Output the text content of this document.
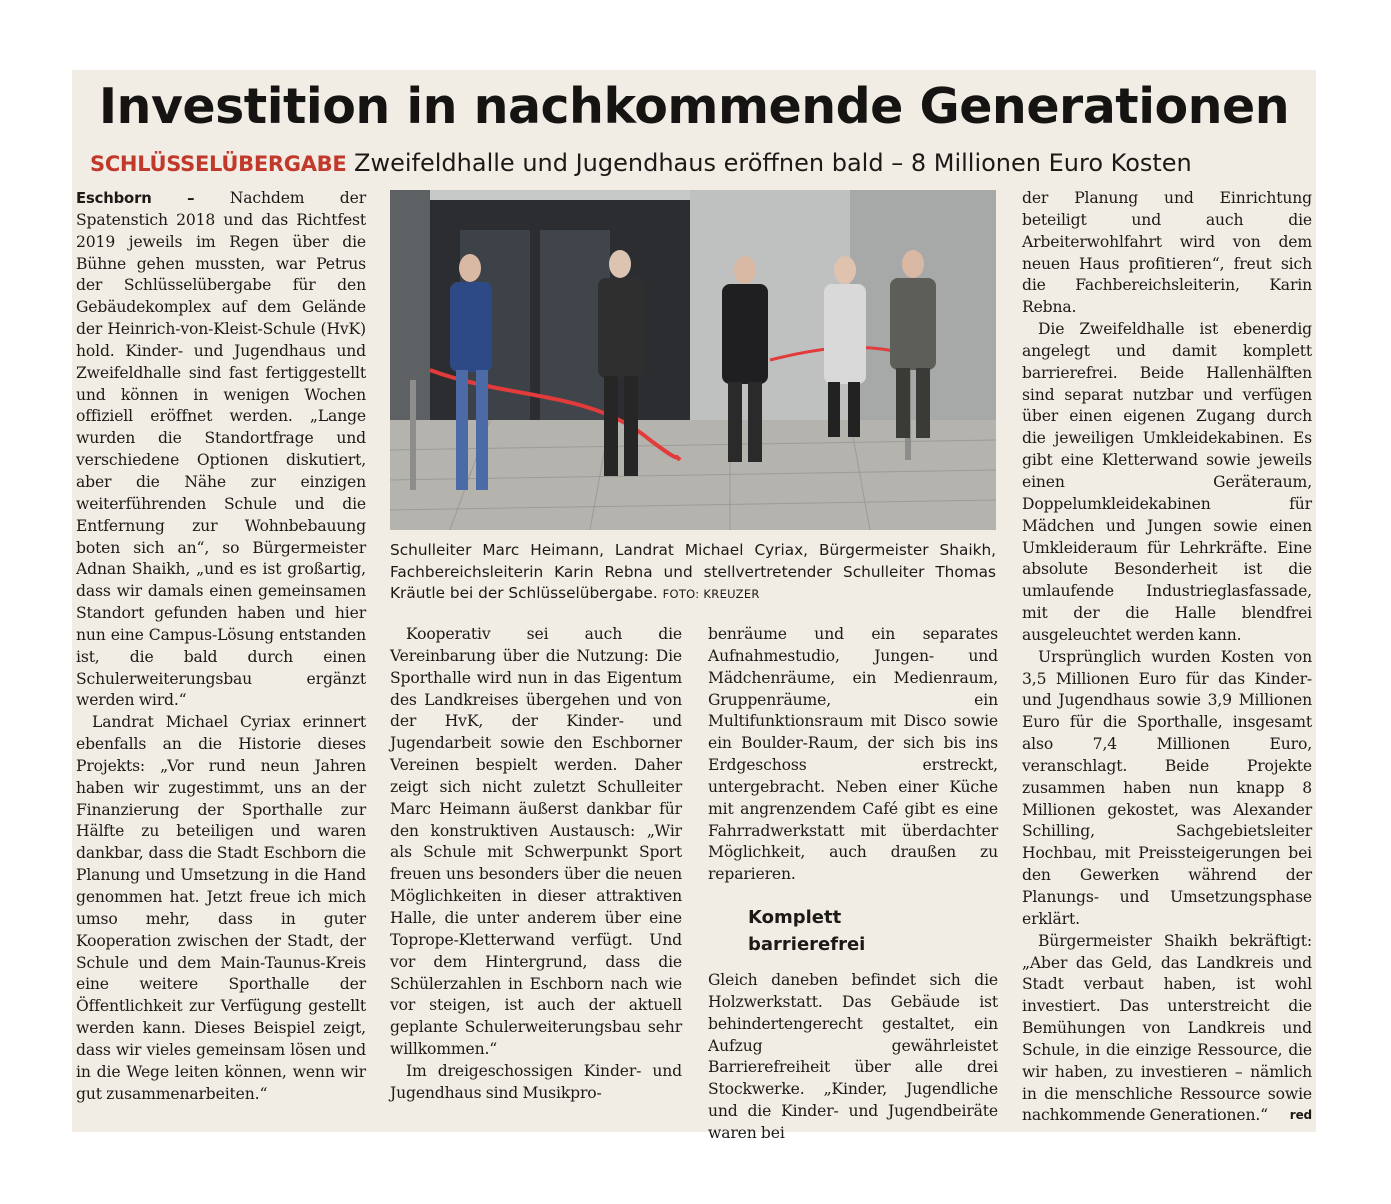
Investition in nachkommende Generationen
SCHLÜSSELÜBERGABE Zweifeldhalle und Jugendhaus eröffnen bald – 8 Millionen Euro Kosten

Eschborn – Nachdem der Spatenstich 2018 und das Richtfest 2019 jeweils im Regen über die Bühne gehen mussten, war Petrus der Schlüsselübergabe für den Gebäudekomplex auf dem Gelände der Heinrich-von-Kleist-Schule (HvK) hold. Kinder- und Jugendhaus und Zweifeldhalle sind fast fertiggestellt und können in wenigen Wochen offiziell eröffnet werden. „Lange wurden die Standortfrage und verschiedene Optionen diskutiert, aber die Nähe zur einzigen weiterführenden Schule und die Entfernung zur Wohnbebauung boten sich an“, so Bürgermeister Adnan Shaikh, „und es ist großartig, dass wir damals einen gemeinsamen Standort gefunden haben und hier nun eine Campus-Lösung entstanden ist, die bald durch einen Schulerweiterungsbau ergänzt werden wird.“

Landrat Michael Cyriax erinnert ebenfalls an die Historie dieses Projekts: „Vor rund neun Jahren haben wir zugestimmt, uns an der Finanzierung der Sporthalle zur Hälfte zu beteiligen und waren dankbar, dass die Stadt Eschborn die Planung und Umsetzung in die Hand genommen hat. Jetzt freue ich mich umso mehr, dass in guter Kooperation zwischen der Stadt, der Schule und dem Main-Taunus-Kreis eine weitere Sporthalle der Öffentlichkeit zur Verfügung gestellt werden kann. Dieses Beispiel zeigt, dass wir vieles gemeinsam lösen und in die Wege leiten können, wenn wir gut zusammenarbeiten.“

Schulleiter Marc Heimann, Landrat Michael Cyriax, Bürgermeister Shaikh, Fachbereichsleiterin Karin Rebna und stellvertretender Schulleiter Thomas Kräutle bei der Schlüsselübergabe. FOTO: KREUZER

Kooperativ sei auch die Vereinbarung über die Nutzung: Die Sporthalle wird nun in das Eigentum des Landkreises übergehen und von der HvK, der Kinder- und Jugendarbeit sowie den Eschborner Vereinen bespielt werden. Daher zeigt sich nicht zuletzt Schulleiter Marc Heimann äußerst dankbar für den konstruktiven Austausch: „Wir als Schule mit Schwerpunkt Sport freuen uns besonders über die neuen Möglichkeiten in dieser attraktiven Halle, die unter anderem über eine Toprope-Kletterwand verfügt. Und vor dem Hintergrund, dass die Schülerzahlen in Eschborn nach wie vor steigen, ist auch der aktuell geplante Schulerweiterungsbau sehr willkommen.“

Im dreigeschossigen Kinder- und Jugendhaus sind Musikpro-

benräume und ein separates Aufnahmestudio, Jungen- und Mädchenräume, ein Medienraum, Gruppenräume, ein Multifunktionsraum mit Disco sowie ein Boulder-Raum, der sich bis ins Erdgeschoss erstreckt, untergebracht. Neben einer Küche mit angrenzendem Café gibt es eine Fahrradwerkstatt mit überdachter Möglichkeit, auch draußen zu reparieren.

Komplett
barrierefrei

Gleich daneben befindet sich die Holzwerkstatt. Das Gebäude ist behindertengerecht gestaltet, ein Aufzug gewährleistet Barrierefreiheit über alle drei Stockwerke. „Kinder, Jugendliche und die Kinder- und Jugendbeiräte waren bei

der Planung und Einrichtung beteiligt und auch die Arbeiterwohlfahrt wird von dem neuen Haus profitieren“, freut sich die Fachbereichsleiterin, Karin Rebna.

Die Zweifeldhalle ist ebenerdig angelegt und damit komplett barrierefrei. Beide Hallenhälften sind separat nutzbar und verfügen über einen eigenen Zugang durch die jeweiligen Umkleidekabinen. Es gibt eine Kletterwand sowie jeweils einen Geräteraum, Doppelumkleidekabinen für Mädchen und Jungen sowie einen Umkleideraum für Lehrkräfte. Eine absolute Besonderheit ist die umlaufende Industrieglasfassade, mit der die Halle blendfrei ausgeleuchtet werden kann.

Ursprünglich wurden Kosten von 3,5 Millionen Euro für das Kinder- und Jugendhaus sowie 3,9 Millionen Euro für die Sporthalle, insgesamt also 7,4 Millionen Euro, veranschlagt. Beide Projekte zusammen haben nun knapp 8 Millionen gekostet, was Alexander Schilling, Sachgebietsleiter Hochbau, mit Preissteigerungen bei den Gewerken während der Planungs- und Umsetzungsphase erklärt.

Bürgermeister Shaikh bekräftigt: „Aber das Geld, das Landkreis und Stadt verbaut haben, ist wohl investiert. Das unterstreicht die Bemühungen von Landkreis und Schule, in die einzige Ressource, die wir haben, zu investieren – nämlich in die menschliche Ressource sowie nachkommende Generationen.“	red
